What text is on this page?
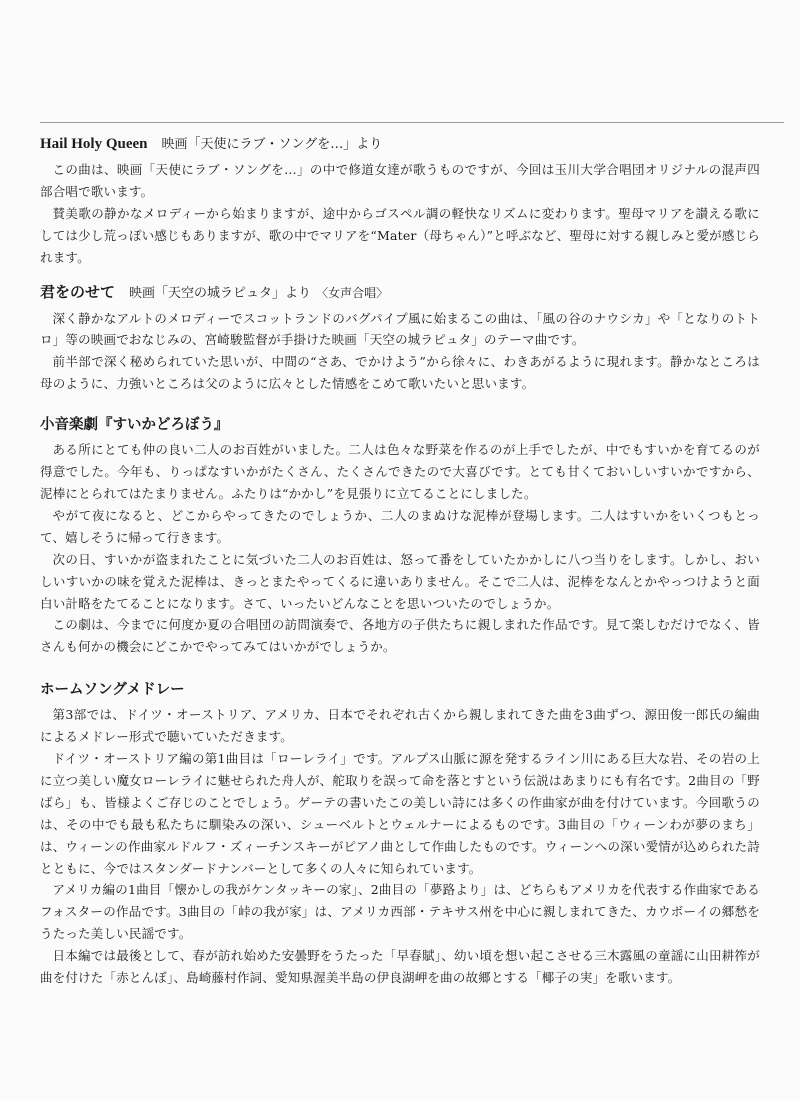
Hail Holy Queen 映画「天使にラブ・ソングを…」より

この曲は、映画「天使にラブ・ソングを…」の中で修道女達が歌うものですが、今回は玉川大学合唱団オリジナルの混声四部合唱で歌います。

賛美歌の静かなメロディーから始まりますが、途中からゴスペル調の軽快なリズムに変わります。聖母マリアを讃える歌にしては少し荒っぽい感じもありますが、歌の中でマリアを“Mater（母ちゃん）”と呼ぶなど、聖母に対する親しみと愛が感じられます。

君をのせて 映画「天空の城ラピュタ」より 〈女声合唱〉

深く静かなアルトのメロディーでスコットランドのバグパイプ風に始まるこの曲は、「風の谷のナウシカ」や「となりのトトロ」等の映画でおなじみの、宮崎駿監督が手掛けた映画「天空の城ラピュタ」のテーマ曲です。

前半部で深く秘められていた思いが、中間の“さあ、でかけよう”から徐々に、わきあがるように現れます。静かなところは母のように、力強いところは父のように広々とした情感をこめて歌いたいと思います。

小音楽劇『すいかどろぼう』

ある所にとても仲の良い二人のお百姓がいました。二人は色々な野菜を作るのが上手でしたが、中でもすいかを育てるのが得意でした。今年も、りっぱなすいかがたくさん、たくさんできたので大喜びです。とても甘くておいしいすいかですから、泥棒にとられてはたまりません。ふたりは“かかし”を見張りに立てることにしました。

やがて夜になると、どこからやってきたのでしょうか、二人のまぬけな泥棒が登場します。二人はすいかをいくつもとって、嬉しそうに帰って行きます。

次の日、すいかが盗まれたことに気づいた二人のお百姓は、怒って番をしていたかかしに八つ当りをします。しかし、おいしいすいかの味を覚えた泥棒は、きっとまたやってくるに違いありません。そこで二人は、泥棒をなんとかやっつけようと面白い計略をたてることになります。さて、いったいどんなことを思いついたのでしょうか。

この劇は、今までに何度か夏の合唱団の訪問演奏で、各地方の子供たちに親しまれた作品です。見て楽しむだけでなく、皆さんも何かの機会にどこかでやってみてはいかがでしょうか。

ホームソングメドレー

第3部では、ドイツ・オーストリア、アメリカ、日本でそれぞれ古くから親しまれてきた曲を3曲ずつ、源田俊一郎氏の編曲によるメドレー形式で聴いていただきます。

ドイツ・オーストリア編の第1曲目は「ローレライ」です。アルプス山脈に源を発するライン川にある巨大な岩、その岩の上に立つ美しい魔女ローレライに魅せられた舟人が、舵取りを誤って命を落とすという伝説はあまりにも有名です。2曲目の「野ばら」も、皆様よくご存じのことでしょう。ゲーテの書いたこの美しい詩には多くの作曲家が曲を付けています。今回歌うのは、その中でも最も私たちに馴染みの深い、シューベルトとウェルナーによるものです。3曲目の「ウィーンわが夢のまち」は、ウィーンの作曲家ルドルフ・ズィーチンスキーがピアノ曲として作曲したものです。ウィーンへの深い愛情が込められた詩とともに、今ではスタンダードナンバーとして多くの人々に知られています。

アメリカ編の1曲目「懐かしの我がケンタッキーの家」、2曲目の「夢路より」は、どちらもアメリカを代表する作曲家であるフォスターの作品です。3曲目の「峠の我が家」は、アメリカ西部・テキサス州を中心に親しまれてきた、カウボーイの郷愁をうたった美しい民謡です。

日本編では最後として、春が訪れ始めた安曇野をうたった「早春賦」、幼い頃を想い起こさせる三木露風の童謡に山田耕筰が曲を付けた「赤とんぼ」、島崎藤村作詞、愛知県渥美半島の伊良湖岬を曲の故郷とする「椰子の実」を歌います。
